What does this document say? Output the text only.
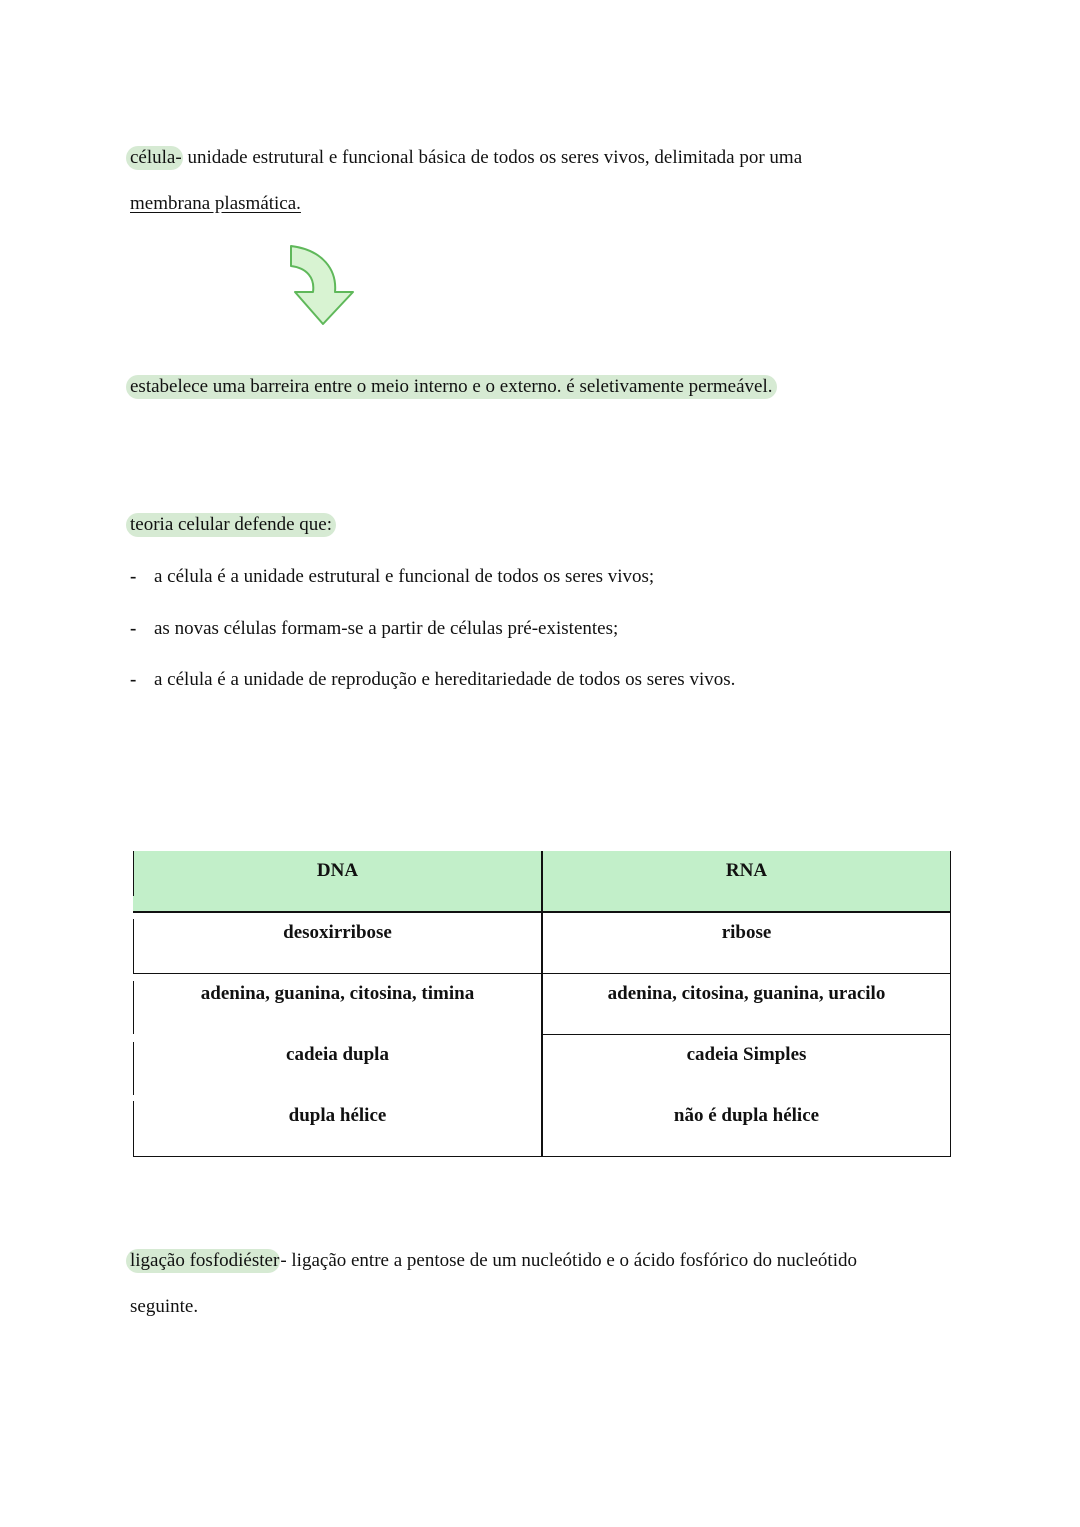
célula- unidade estrutural e funcional básica de todos os seres vivos, delimitada por uma
membrana plasmática.
estabelece uma barreira entre o meio interno e o externo. é seletivamente permeável.
teoria celular defende que:
- a célula é a unidade estrutural e funcional de todos os seres vivos;
- as novas células formam-se a partir de células pré-existentes;
- a célula é a unidade de reprodução e hereditariedade de todos os seres vivos.
DNA	RNA
desoxirribose	ribose
adenina, guanina, citosina, timina	adenina, citosina, guanina, uracilo
cadeia dupla	cadeia Simples
dupla hélice	não é dupla hélice
ligação fosfodiéster- ligação entre a pentose de um nucleótido e o ácido fosfórico do nucleótido
seguinte.
